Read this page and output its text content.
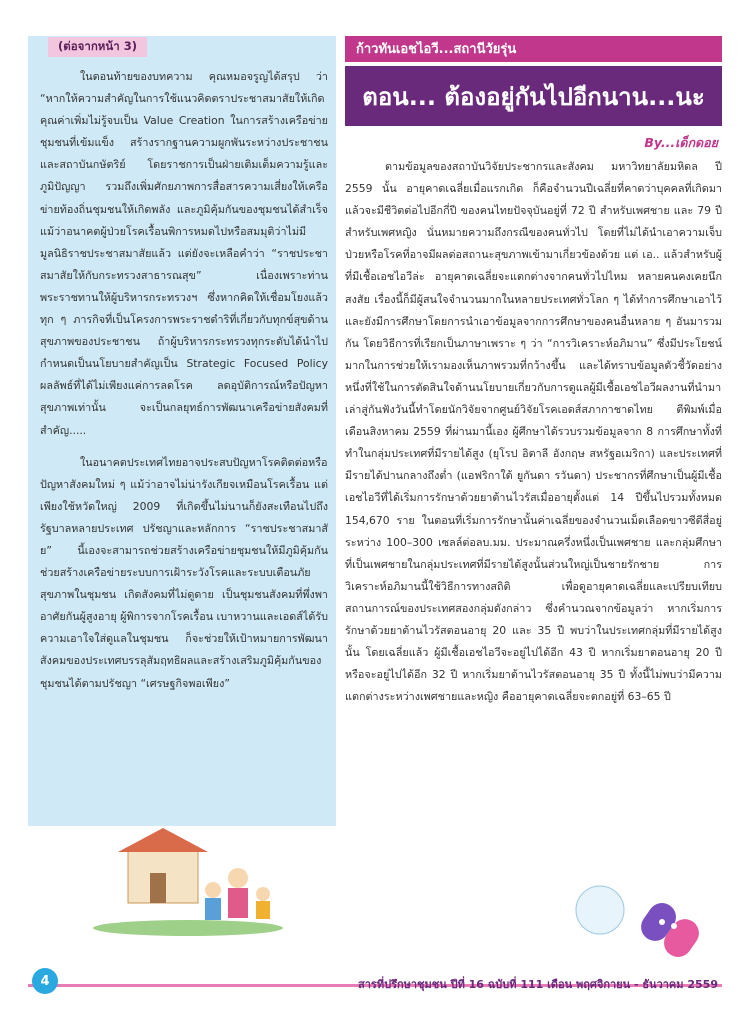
(ต่อจากหน้า 3)

ในตอนท้ายของบทความ คุณหมอจรูญได้สรุป ว่า “หากให้ความสำคัญในการใช้แนวคิดตราประชาสมาสัยให้เกิดคุณค่าเพิ่มไม่รู้จบเป็น Value Creation ในการสร้างเครือข่ายชุมชนที่เข้มแข็ง สร้างรากฐานความผูกพันระหว่างประชาชนและสถาบันกษัตริย์ โดยราชการเป็นฝ่ายเติมเต็มความรู้และภูมิปัญญา รวมถึงเพิ่มศักยภาพการสื่อสารความเสี่ยงให้เครือข่ายท้องถิ่นชุมชนให้เกิดพลัง และภูมิคุ้มกันของชุมชนได้สำเร็จแม้ว่าอนาคตผู้ป่วยโรคเรื้อนพิการหมดไปหรือสมมุติว่าไม่มีมูลนิธิราชประชาสมาสัยแล้ว แต่ยังจะเหลือคำว่า “ราชประชาสมาสัยให้กับกระทรวงสาธารณสุข” เนื่องเพราะท่านพระราชทานให้ผู้บริหารกระทรวงฯ ซึ่งหากคิดให้เชื่อมโยงแล้ว ทุก ๆ ภารกิจที่เป็นโครงการพระราชดำริที่เกี่ยวกับทุกข์สุขด้านสุขภาพของประชาชน ถ้าผู้บริหารกระทรวงทุกระดับได้นำไปกำหนดเป็นนโยบายสำคัญเป็น Strategic Focused Policy ผลลัพธ์ที่ได้ไม่เพียงแค่การลดโรค ลดอุบัติการณ์หรือปัญหาสุขภาพเท่านั้น จะเป็นกลยุทธ์การพัฒนาเครือข่ายสังคมที่สำคัญ.....

ในอนาคตประเทศไทยอาจประสบปัญหาโรคติดต่อหรือปัญหาสังคมใหม่ ๆ แม้ว่าอาจไม่น่ารังเกียจเหมือนโรคเรื้อน แต่เพียงใช้หวัดใหญ่ 2009 ที่เกิดขึ้นไม่นานก็ยังสะเทือนไปถึงรัฐบาลหลายประเทศ ปรัชญาและหลักการ “ราชประชาสมาสัย” นี้เองจะสามารถช่วยสร้างเครือข่ายชุมชนให้มีภูมิคุ้มกัน ช่วยสร้างเครือข่ายระบบการเฝ้าระวังโรคและระบบเตือนภัยสุขภาพในชุมชน เกิดสังคมที่ไม่ดูดาย เป็นชุมชนสังคมที่พึ่งพาอาศัยกันผู้สูงอายุ ผู้พิการจากโรคเรื้อน เบาหวานและเอดส์ได้รับความเอาใจใส่ดูแลในชุมชน ก็จะช่วยให้เป้าหมายการพัฒนาสังคมของประเทศบรรลุสัมฤทธิผลและสร้างเสริมภูมิคุ้มกันของชุมชนได้ตามปรัชญา “เศรษฐกิจพอเพียง”

ก้าวทันเอชไอวี...สถานีวัยรุ่น
ตอน... ต้องอยู่กันไปอีกนาน...นะ
By...เด็กดอย

ตามข้อมูลของสถาบันวิจัยประชากรและสังคม มหาวิทยาลัยมหิดล ปี 2559 นั้น อายุคาดเฉลี่ยเมื่อแรกเกิด ก็คือจำนวนปีเฉลี่ยที่คาดว่าบุคคลที่เกิดมาแล้วจะมีชีวิตต่อไปอีกกี่ปี ของคนไทยปัจจุบันอยู่ที่ 72 ปี สำหรับเพศชาย และ 79 ปี สำหรับเพศหญิง นั่นหมายความถึงกรณีของคนทั่วไป โดยที่ไม่ได้นำเอาความเจ็บป่วยหรือโรคที่อาจมีผลต่อสถานะสุขภาพเข้ามาเกี่ยวข้องด้วย แต่ เอ.. แล้วสำหรับผู้ที่มีเชื้อเอชไอวีล่ะ อายุคาดเฉลี่ยจะแตกต่างจากคนทั่วไปไหม หลายคนคงเคยนึกสงสัย เรื่องนี้ก็มีผู้สนใจจำนวนมากในหลายประเทศทั่วโลก ๆ ได้ทำการศึกษาเอาไว้ และยังมีการศึกษาโดยการนำเอาข้อมูลจากการศึกษาของคนอื่นหลาย ๆ อันมารวมกัน โดยวิธีการที่เรียกเป็นภาษาเพราะ ๆ ว่า “การวิเคราะห์อภิมาน” ซึ่งมีประโยชน์มากในการช่วยให้เรามองเห็นภาพรวมที่กว้างขึ้น และได้ทราบข้อมูลตัวชี้วัดอย่างหนึ่งที่ใช้ในการตัดสินใจด้านนโยบายเกี่ยวกับการดูแลผู้มีเชื้อเอชไอวีผลงานที่นำมาเล่าสู่กันฟังวันนี้ทำโดยนักวิจัยจากศูนย์วิจัยโรคเอดส์สภากาชาดไทย ตีพิมพ์เมื่อเดือนสิงหาคม 2559 ที่ผ่านมานี้เอง ผู้ศึกษาได้รวบรวมข้อมูลจาก 8 การศึกษาทั้งที่ทำในกลุ่มประเทศที่มีรายได้สูง (ยุโรป อิตาลี อังกฤษ สหรัฐอเมริกา) และประเทศที่มีรายได้ปานกลางถึงต่ำ (แอฟริกาใต้ ยูกันดา รวันดา) ประชากรที่ศึกษาเป็นผู้มีเชื้อเอชไอวีที่ได้เริ่มการรักษาด้วยยาต้านไวรัสเมื่ออายุตั้งแต่ 14 ปีขึ้นไปรวมทั้งหมด 154,670 ราย ในตอนที่เริ่มการรักษานั้นค่าเฉลี่ยของจำนวนเม็ดเลือดขาวซีดีสี่อยู่ระหว่าง 100–300 เซลล์ต่อลบ.มม. ประมาณครึ่งหนึ่งเป็นเพศชาย และกลุ่มศึกษาที่เป็นเพศชายในกลุ่มประเทศที่มีรายได้สูงนั้นส่วนใหญ่เป็นชายรักชาย การวิเคราะห์อภิมานนี้ใช้วิธีการทางสถิติ เพื่อดูอายุคาดเฉลี่ยและเปรียบเทียบสถานการณ์ของประเทศสองกลุ่มดังกล่าว ซึ่งคำนวณจากข้อมูลว่า หากเริ่มการรักษาด้วยยาต้านไวรัสตอนอายุ 20 และ 35 ปี พบว่าในประเทศกลุ่มที่มีรายได้สูงนั้น โดยเฉลี่ยแล้ว ผู้มีเชื้อเอชไอวีจะอยู่ไปได้อีก 43 ปี หากเริ่มยาตอนอายุ 20 ปี หรือจะอยู่ไปได้อีก 32 ปี หากเริ่มยาต้านไวรัสตอนอายุ 35 ปี ทั้งนี้ไม่พบว่ามีความแตกต่างระหว่างเพศชายและหญิง คืออายุคาดเฉลี่ยจะตกอยู่ที่ 63–65 ปี

4	สารที่ปรึกษาชุมชน ปีที่ 16 ฉบับที่ 111 เดือน พฤศจิกายน - ธันวาคม 2559
